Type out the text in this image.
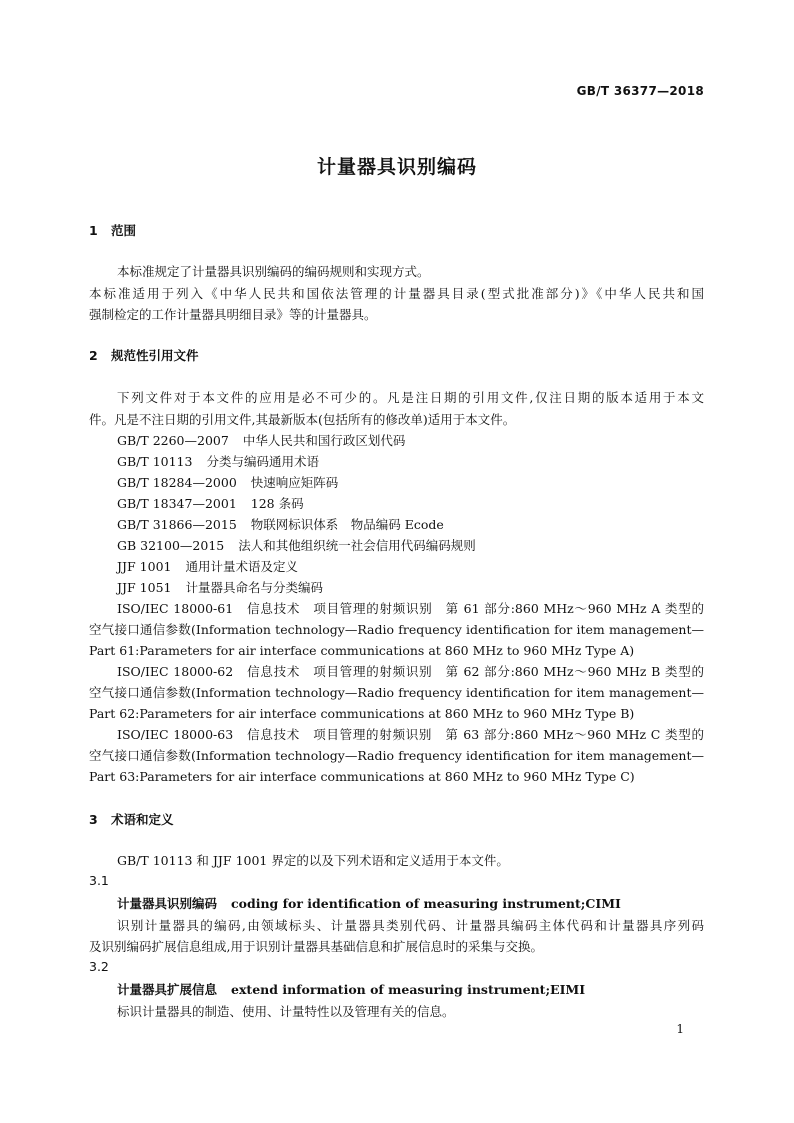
GB/T 36377—2018
计量器具识别编码
1 范围
本标准规定了计量器具识别编码的编码规则和实现方式。
本标准适用于列入《中华人民共和国依法管理的计量器具目录(型式批准部分)》《中华人民共和国
强制检定的工作计量器具明细目录》等的计量器具。
2 规范性引用文件
下列文件对于本文件的应用是必不可少的。凡是注日期的引用文件,仅注日期的版本适用于本文
件。凡是不注日期的引用文件,其最新版本(包括所有的修改单)适用于本文件。
GB/T 2260—2007 中华人民共和国行政区划代码
GB/T 10113 分类与编码通用术语
GB/T 18284—2000 快速响应矩阵码
GB/T 18347—2001 128 条码
GB/T 31866—2015 物联网标识体系　物品编码 Ecode
GB 32100—2015 法人和其他组织统一社会信用代码编码规则
JJF 1001 通用计量术语及定义
JJF 1051 计量器具命名与分类编码
ISO/IEC 18000-61　信息技术　项目管理的射频识别　第 61 部分:860 MHz～960 MHz A 类型的
空气接口通信参数(Information technology—Radio frequency identification for item management—
Part 61:Parameters for air interface communications at 860 MHz to 960 MHz Type A)
ISO/IEC 18000-62　信息技术　项目管理的射频识别　第 62 部分:860 MHz～960 MHz B 类型的
空气接口通信参数(Information technology—Radio frequency identification for item management—
Part 62:Parameters for air interface communications at 860 MHz to 960 MHz Type B)
ISO/IEC 18000-63　信息技术　项目管理的射频识别　第 63 部分:860 MHz～960 MHz C 类型的
空气接口通信参数(Information technology—Radio frequency identification for item management—
Part 63:Parameters for air interface communications at 860 MHz to 960 MHz Type C)
3 术语和定义
GB/T 10113 和 JJF 1001 界定的以及下列术语和定义适用于本文件。
3.1
计量器具识别编码 coding for identification of measuring instrument;CIMI
识别计量器具的编码,由领域标头、计量器具类别代码、计量器具编码主体代码和计量器具序列码
及识别编码扩展信息组成,用于识别计量器具基础信息和扩展信息时的采集与交换。
3.2
计量器具扩展信息 extend information of measuring instrument;EIMI
标识计量器具的制造、使用、计量特性以及管理有关的信息。
1
